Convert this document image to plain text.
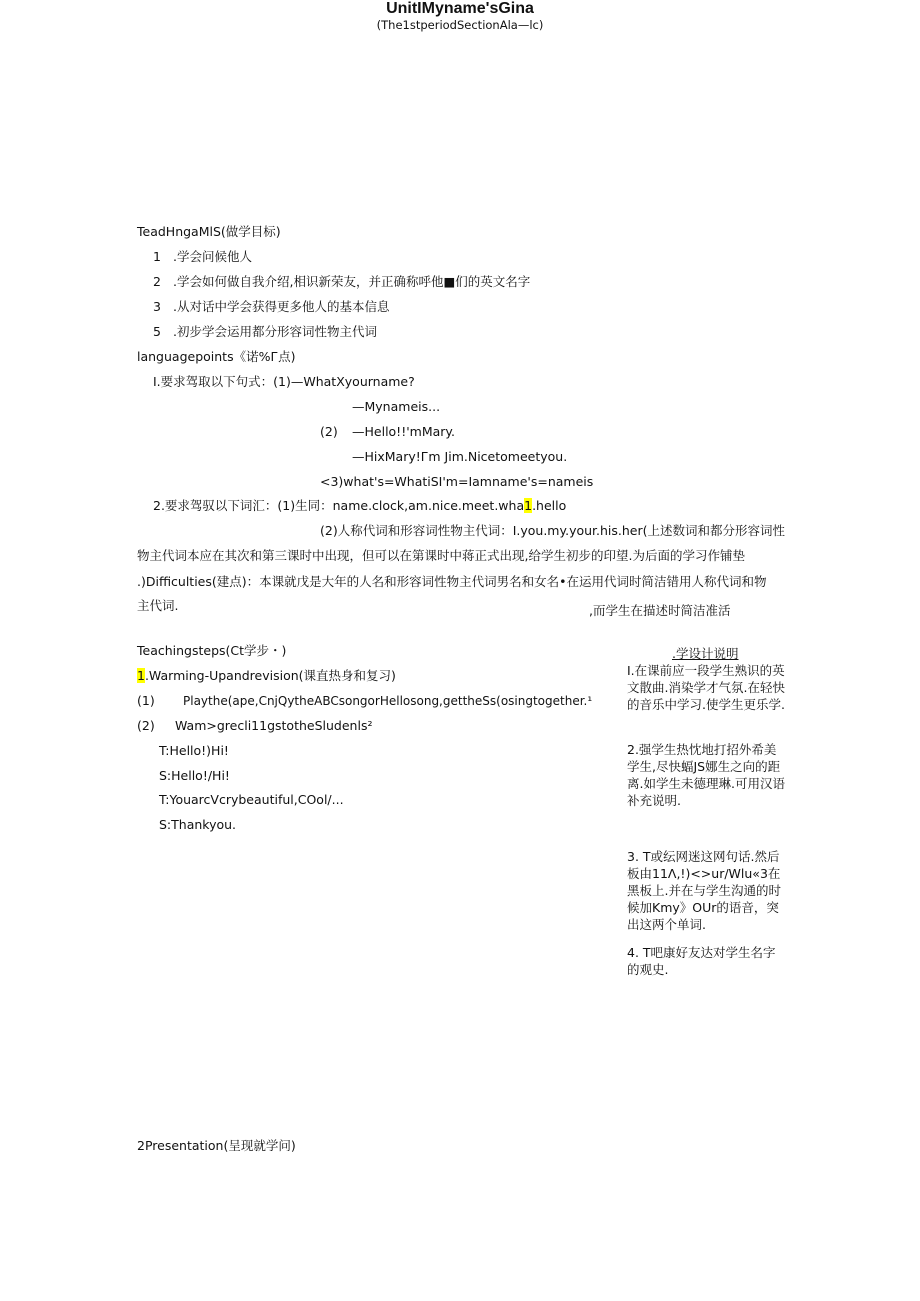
UnitIMyname'sGina
(The1stperiodSectionAla—lc)
TeadHngaMlS(做学目标)
1 .学会问候他人
2 .学会如何做自我介绍,相识新荣友，并正确称呼他■们的英文名字
3 .从对话中学会获得更多他人的基本信息
5 .初步学会运用都分形容词性物主代词
languagepoints《诺%Г点)
I.要求驾取以下句式：(1)—WhatXyourname?
—Mynameis...
(2) —Hello!!'mMary.
—HixMary!Гm Jim.Nicetomeetyou.
<3)what's=WhatiSI'm=Iamname's=nameis
2.要求驾驭以下词汇：(1)生同：name.clock,am.nice.meet.wha1.hello
(2)人称代词和形容词性物主代词：I.you.my.your.his.her(上述数词和都分形容词性
物主代词本应在其次和第三课时中出现，但可以在第课时中蒋正式出现,给学生初步的印望.为后面的学习作铺垫
.)Difficulties(建点)：本课就戊是大年的人名和形容词性物主代词男名和女名•在运用代词时简洁错用人称代词和物
主代词.	,而学生在描述时简洁准活
Teachingsteps(Ct学步・)
1.Warming-Upandrevision(课直热身和复习)
(1) Playthe(ape,CnjQytheABCsongorHellosong,gettheSs(osingtogether.¹
(2) Wam>grecli11gstotheSludenls²
T:Hello!)Hi!
S:Hello!/Hi!
T:YouarcVcrybeautiful,COol/...
S:Thankyou.
2Presentation(呈现就学问)
.学设计说明
I.在课前应一段学生熟识的英文散曲.消染学才气氛.在轻快的音乐中学习.使学生更乐学.
2.强学生热忱地打招外希美学生,尽快蝠JS娜生之向的距离.如学生未德理琳.可用汉语补充说明.
3. T或纭网迷这网句话.然后板由11Λ,!)<>ur/Wlu«3在黑板上.并在与学生沟通的时候加Kmy》OUr的语音，突出这两个单词.
4. T吧康好友达对学生名字的观史.
